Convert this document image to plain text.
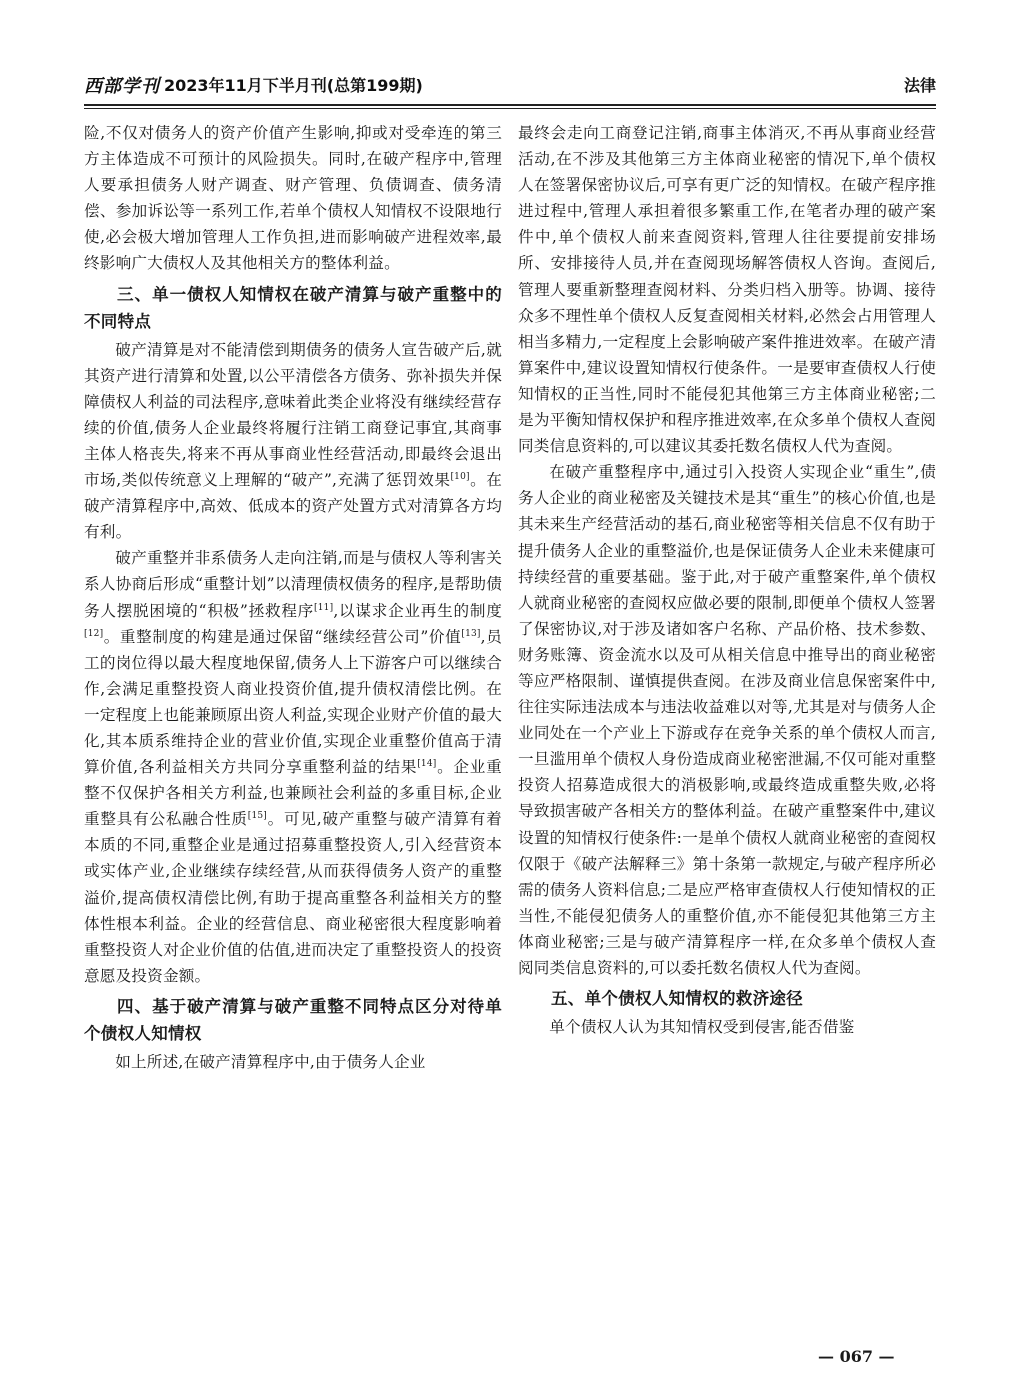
西部学刊 2023年11月下半月刊(总第199期)	法律

险,不仅对债务人的资产价值产生影响,抑或对受牵连的第三方主体造成不可预计的风险损失。同时,在破产程序中,管理人要承担债务人财产调查、财产管理、负债调查、债务清偿、参加诉讼等一系列工作,若单个债权人知情权不设限地行使,必会极大增加管理人工作负担,进而影响破产进程效率,最终影响广大债权人及其他相关方的整体利益。

三、单一债权人知情权在破产清算与破产重整中的不同特点

破产清算是对不能清偿到期债务的债务人宣告破产后,就其资产进行清算和处置,以公平清偿各方债务、弥补损失并保障债权人利益的司法程序,意味着此类企业将没有继续经营存续的价值,债务人企业最终将履行注销工商登记事宜,其商事主体人格丧失,将来不再从事商业性经营活动,即最终会退出市场,类似传统意义上理解的“破产”,充满了惩罚效果[10]。在破产清算程序中,高效、低成本的资产处置方式对清算各方均有利。

破产重整并非系债务人走向注销,而是与债权人等利害关系人协商后形成“重整计划”以清理债权债务的程序,是帮助债务人摆脱困境的“积极”拯救程序[11],以谋求企业再生的制度[12]。重整制度的构建是通过保留“继续经营公司”价值[13],员工的岗位得以最大程度地保留,债务人上下游客户可以继续合作,会满足重整投资人商业投资价值,提升债权清偿比例。在一定程度上也能兼顾原出资人利益,实现企业财产价值的最大化,其本质系维持企业的营业价值,实现企业重整价值高于清算价值,各利益相关方共同分享重整利益的结果[14]。企业重整不仅保护各相关方利益,也兼顾社会利益的多重目标,企业重整具有公私融合性质[15]。可见,破产重整与破产清算有着本质的不同,重整企业是通过招募重整投资人,引入经营资本或实体产业,企业继续存续经营,从而获得债务人资产的重整溢价,提高债权清偿比例,有助于提高重整各利益相关方的整体性根本利益。企业的经营信息、商业秘密很大程度影响着重整投资人对企业价值的估值,进而决定了重整投资人的投资意愿及投资金额。

四、基于破产清算与破产重整不同特点区分对待单个债权人知情权

如上所述,在破产清算程序中,由于债务人企业

最终会走向工商登记注销,商事主体消灭,不再从事商业经营活动,在不涉及其他第三方主体商业秘密的情况下,单个债权人在签署保密协议后,可享有更广泛的知情权。在破产程序推进过程中,管理人承担着很多繁重工作,在笔者办理的破产案件中,单个债权人前来查阅资料,管理人往往要提前安排场所、安排接待人员,并在查阅现场解答债权人咨询。查阅后,管理人要重新整理查阅材料、分类归档入册等。协调、接待众多不理性单个债权人反复查阅相关材料,必然会占用管理人相当多精力,一定程度上会影响破产案件推进效率。在破产清算案件中,建议设置知情权行使条件。一是要审查债权人行使知情权的正当性,同时不能侵犯其他第三方主体商业秘密;二是为平衡知情权保护和程序推进效率,在众多单个债权人查阅同类信息资料的,可以建议其委托数名债权人代为查阅。

在破产重整程序中,通过引入投资人实现企业“重生”,债务人企业的商业秘密及关键技术是其“重生”的核心价值,也是其未来生产经营活动的基石,商业秘密等相关信息不仅有助于提升债务人企业的重整溢价,也是保证债务人企业未来健康可持续经营的重要基础。鉴于此,对于破产重整案件,单个债权人就商业秘密的查阅权应做必要的限制,即便单个债权人签署了保密协议,对于涉及诸如客户名称、产品价格、技术参数、财务账簿、资金流水以及可从相关信息中推导出的商业秘密等应严格限制、谨慎提供查阅。在涉及商业信息保密案件中,往往实际违法成本与违法收益难以对等,尤其是对与债务人企业同处在一个产业上下游或存在竞争关系的单个债权人而言,一旦滥用单个债权人身份造成商业秘密泄漏,不仅可能对重整投资人招募造成很大的消极影响,或最终造成重整失败,必将导致损害破产各相关方的整体利益。在破产重整案件中,建议设置的知情权行使条件:一是单个债权人就商业秘密的查阅权仅限于《破产法解释三》第十条第一款规定,与破产程序所必需的债务人资料信息;二是应严格审查债权人行使知情权的正当性,不能侵犯债务人的重整价值,亦不能侵犯其他第三方主体商业秘密;三是与破产清算程序一样,在众多单个债权人查阅同类信息资料的,可以委托数名债权人代为查阅。

五、单个债权人知情权的救济途径

单个债权人认为其知情权受到侵害,能否借鉴

— 067 —
